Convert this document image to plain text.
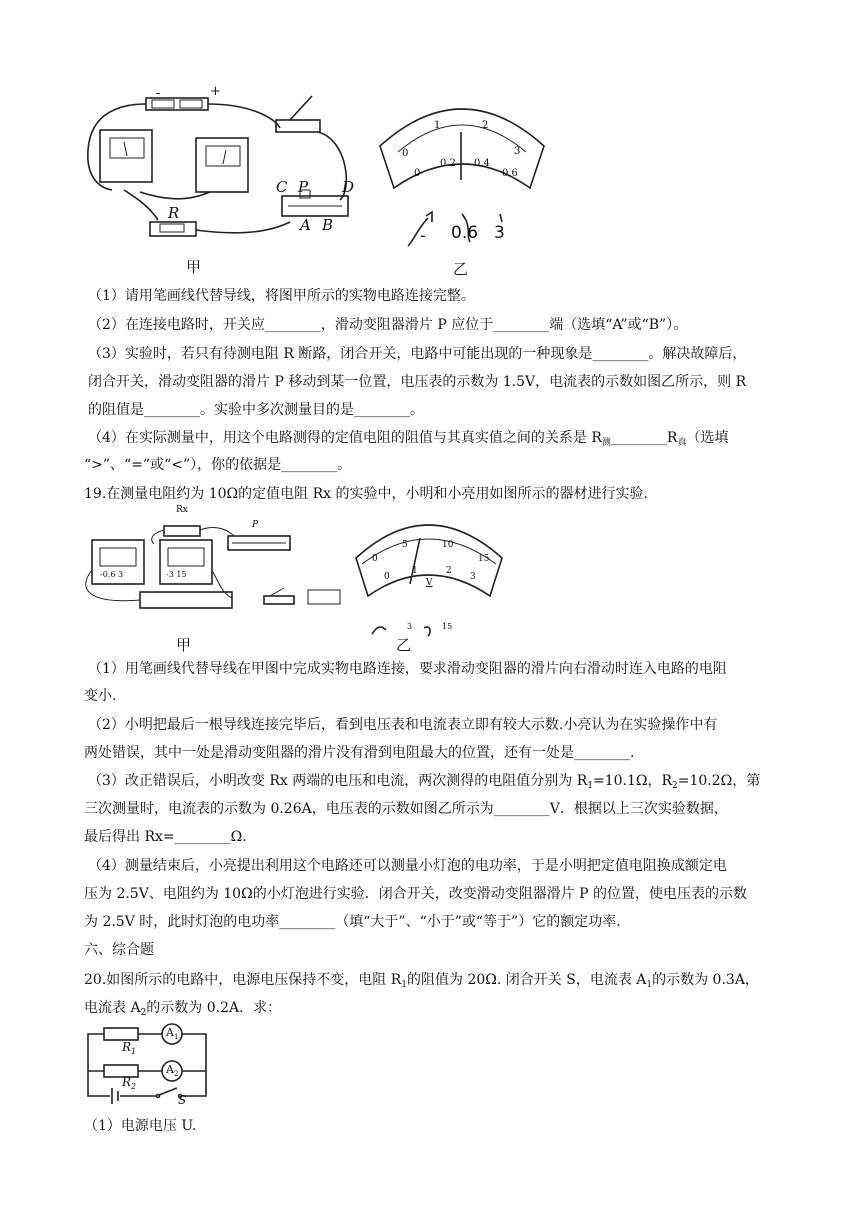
-	+
R
C P D
A B
1	2
0	3
0
0.2 0.4
0.6
- 0.6 3
甲	乙
（1）请用笔画线代替导线，将图甲所示的实物电路连接完整。
（2）在连接电路时，开关应________，滑动变阻器滑片 P 应位于________端（选填“A”或“B”）。
（3）实验时，若只有待测电阻 R 断路，闭合开关，电路中可能出现的一种现象是________。解决故障后，
闭合开关，滑动变阻器的滑片 P 移动到某一位置，电压表的示数为 1.5V，电流表的示数如图乙所示，则 R
的阻值是________。实验中多次测量目的是________。
（4）在实际测量中，用这个电路测得的定值电阻的阻值与其真实值之间的关系是 $R_测\_\_\_\_\_\_\_\_R_真$（选填
“>”、“=”或“<”），你的依据是________。
19.在测量电阻约为 10Ω的定值电阻 Rx 的实验中，小明和小亮用如图所示的器材进行实验.
Rx
P
-0.6 3	-3 15
0
5	10
15
0
1	2
3
V
3	15
甲	乙
（1）用笔画线代替导线在甲图中完成实物电路连接，要求滑动变阻器的滑片向右滑动时连入电路的电阻
变小.
（2）小明把最后一根导线连接完毕后，看到电压表和电流表立即有较大示数.小亮认为在实验操作中有
两处错误，其中一处是滑动变阻器的滑片没有滑到电阻最大的位置，还有一处是________.
（3）改正错误后，小明改变 Rx 两端的电压和电流，两次测得的电阻值分别为 $R_1=10.1\Omega$，$R_2=10.2\Omega$，第
三次测量时，电流表的示数为 0.26A，电压表的示数如图乙所示为________V．根据以上三次实验数据，
最后得出 Rx=________Ω.
（4）测量结束后，小亮提出利用这个电路还可以测量小灯泡的电功率，于是小明把定值电阻换成额定电
压为 2.5V、电阻约为 10Ω的小灯泡进行实验．闭合开关，改变滑动变阻器滑片 P 的位置，使电压表的示数
为 2.5V 时，此时灯泡的电功率________（填“大于”、“小于”或“等于”）它的额定功率.
六、综合题
20.如图所示的电路中，电源电压保持不变，电阻 $R_1$的阻值为 20Ω. 闭合开关 S，电流表 $A_1$的示数为 0.3A，
电流表 $A_2$的示数为 0.2A．求：
$R_1$
$A_1$
$R_2$
$A_2$
S
（1）电源电压 U.
